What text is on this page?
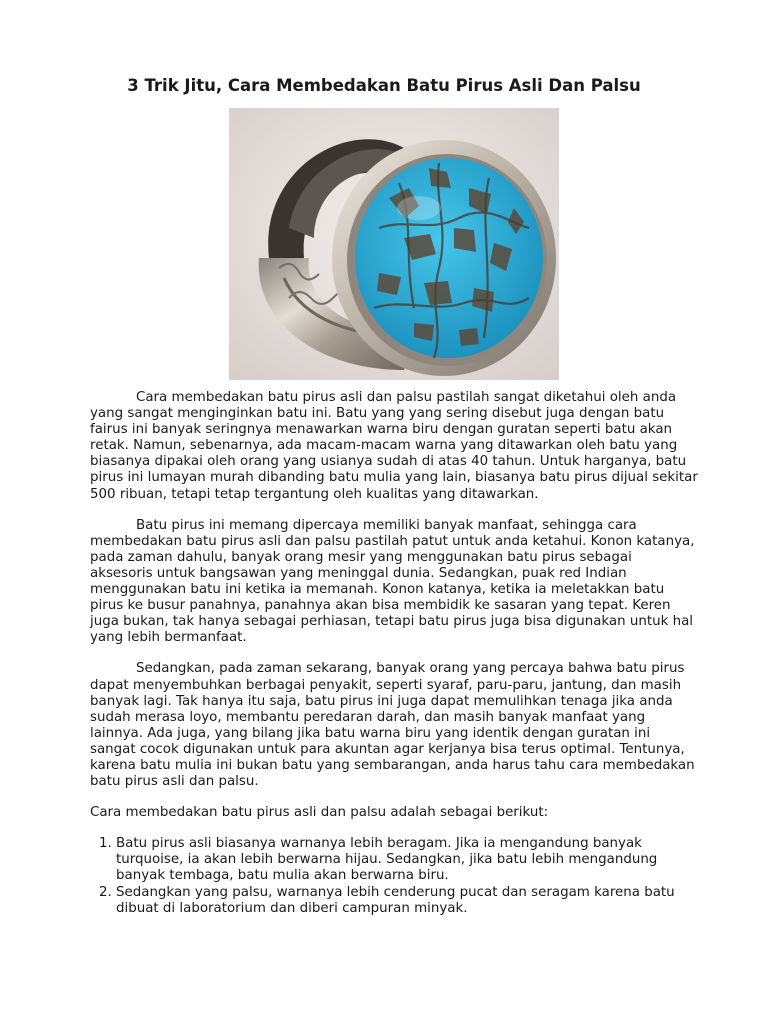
3 Trik Jitu, Cara Membedakan Batu Pirus Asli Dan Palsu

Cara membedakan batu pirus asli dan palsu pastilah sangat diketahui oleh anda yang sangat menginginkan batu ini. Batu yang yang sering disebut juga dengan batu fairus ini banyak seringnya menawarkan warna biru dengan guratan seperti batu akan retak. Namun, sebenarnya, ada macam-macam warna yang ditawarkan oleh batu yang biasanya dipakai oleh orang yang usianya sudah di atas 40 tahun. Untuk harganya, batu pirus ini lumayan murah dibanding batu mulia yang lain, biasanya batu pirus dijual sekitar 500 ribuan, tetapi tetap tergantung oleh kualitas yang ditawarkan.

Batu pirus ini memang dipercaya memiliki banyak manfaat, sehingga cara membedakan batu pirus asli dan palsu pastilah patut untuk anda ketahui. Konon katanya, pada zaman dahulu, banyak orang mesir yang menggunakan batu pirus sebagai aksesoris untuk bangsawan yang meninggal dunia. Sedangkan, puak red Indian menggunakan batu ini ketika ia memanah. Konon katanya, ketika ia meletakkan batu pirus ke busur panahnya, panahnya akan bisa membidik ke sasaran yang tepat. Keren juga bukan, tak hanya sebagai perhiasan, tetapi batu pirus juga bisa digunakan untuk hal yang lebih bermanfaat.

Sedangkan, pada zaman sekarang, banyak orang yang percaya bahwa batu pirus dapat menyembuhkan berbagai penyakit, seperti syaraf, paru-paru, jantung, dan masih banyak lagi. Tak hanya itu saja, batu pirus ini juga dapat memulihkan tenaga jika anda sudah merasa loyo, membantu peredaran darah, dan masih banyak manfaat yang lainnya. Ada juga, yang bilang jika batu warna biru yang identik dengan guratan ini sangat cocok digunakan untuk para akuntan agar kerjanya bisa terus optimal. Tentunya, karena batu mulia ini bukan batu yang sembarangan, anda harus tahu cara membedakan batu pirus asli dan palsu.

Cara membedakan batu pirus asli dan palsu adalah sebagai berikut:

1. Batu pirus asli biasanya warnanya lebih beragam. Jika ia mengandung banyak turquoise, ia akan lebih berwarna hijau. Sedangkan, jika batu lebih mengandung banyak tembaga, batu mulia akan berwarna biru.
2. Sedangkan yang palsu, warnanya lebih cenderung pucat dan seragam karena batu dibuat di laboratorium dan diberi campuran minyak.
